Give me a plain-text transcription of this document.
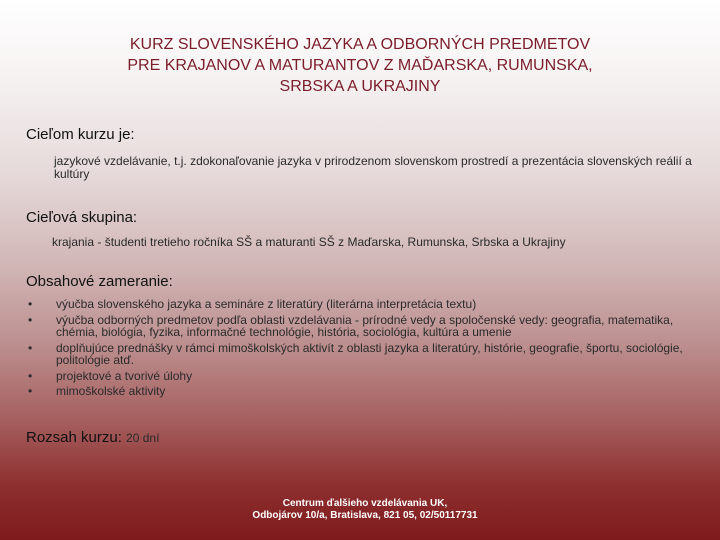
KURZ SLOVENSKÉHO JAZYKA A ODBORNÝCH PREDMETOV
PRE KRAJANOV A MATURANTOV Z MAĎARSKA, RUMUNSKA,
SRBSKA A UKRAJINY
Cieľom kurzu je:
jazykové vzdelávanie, t.j. zdokonaľovanie jazyka v prirodzenom slovenskom prostredí a prezentácia slovenských reálií a kultúry
Cieľová skupina:
krajania - študenti tretieho ročníka SŠ a maturanti SŠ z Maďarska, Rumunska, Srbska a Ukrajiny
Obsahové zameranie:
• výučba slovenského jazyka a semináre z literatúry (literárna interpretácia textu)
• výučba odborných predmetov podľa oblasti vzdelávania - prírodné vedy a spoločenské vedy: geografia, matematika, chémia, biológia, fyzika, informačné technológie, história, sociológia, kultúra a umenie
• doplňujúce prednášky v rámci mimoškolských aktivít z oblasti jazyka a literatúry, histórie, geografie, športu, sociológie, politológie atď.
• projektové a tvorivé úlohy
• mimoškolské aktivity
Rozsah kurzu: 20 dní
Centrum ďalšieho vzdelávania UK,
Odbojárov 10/a, Bratislava, 821 05, 02/50117731
